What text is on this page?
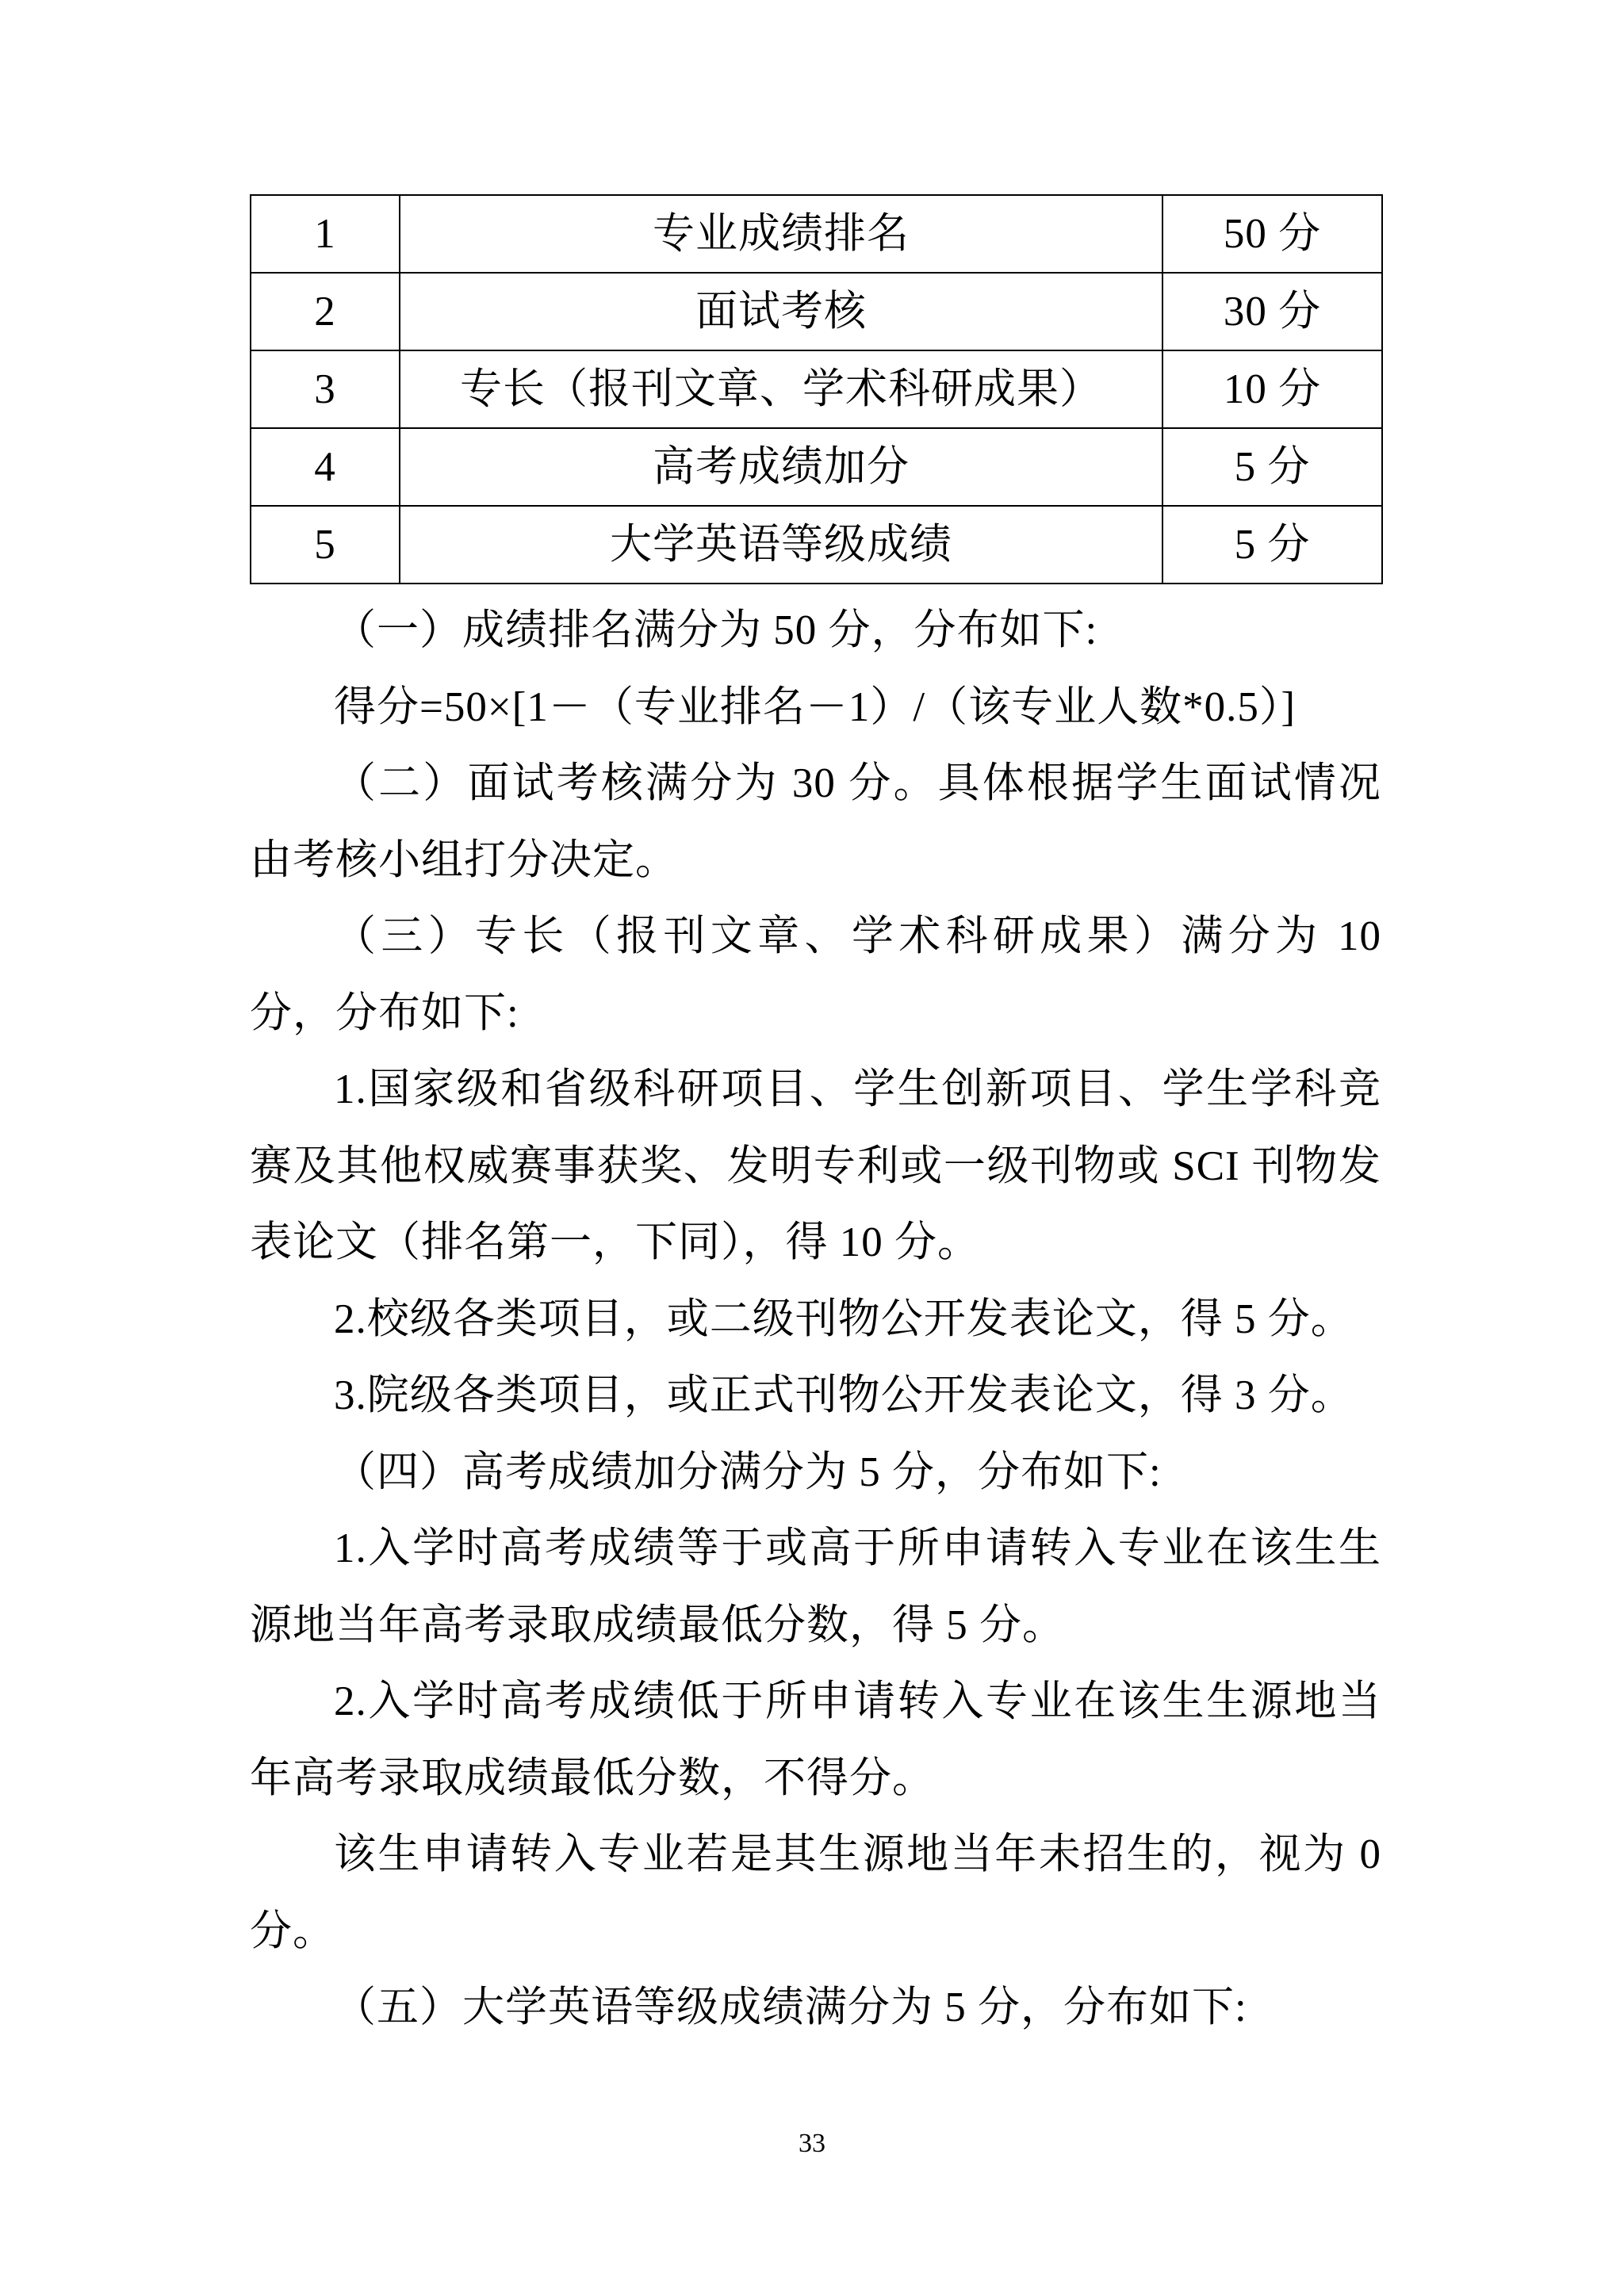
1	专业成绩排名	50 分
2	面试考核	30 分
3	专长（报刊文章、学术科研成果）	10 分
4	高考成绩加分	5 分
5	大学英语等级成绩	5 分

（一）成绩排名满分为 50 分，分布如下:

得分=50×[1－（专业排名－1）/（该专业人数*0.5）]

（二）面试考核满分为 30 分。具体根据学生面试情况由考核小组打分决定。

（三）专长（报刊文章、学术科研成果）满分为 10 分，分布如下:

1.国家级和省级科研项目、学生创新项目、学生学科竞赛及其他权威赛事获奖、发明专利或一级刊物或 SCI 刊物发表论文（排名第一，下同），得 10 分。

2.校级各类项目，或二级刊物公开发表论文，得 5 分。

3.院级各类项目，或正式刊物公开发表论文，得 3 分。

（四）高考成绩加分满分为 5 分，分布如下:

1.入学时高考成绩等于或高于所申请转入专业在该生生源地当年高考录取成绩最低分数，得 5 分。

2.入学时高考成绩低于所申请转入专业在该生生源地当年高考录取成绩最低分数，不得分。

该生申请转入专业若是其生源地当年未招生的，视为 0 分。

（五）大学英语等级成绩满分为 5 分，分布如下:

33
